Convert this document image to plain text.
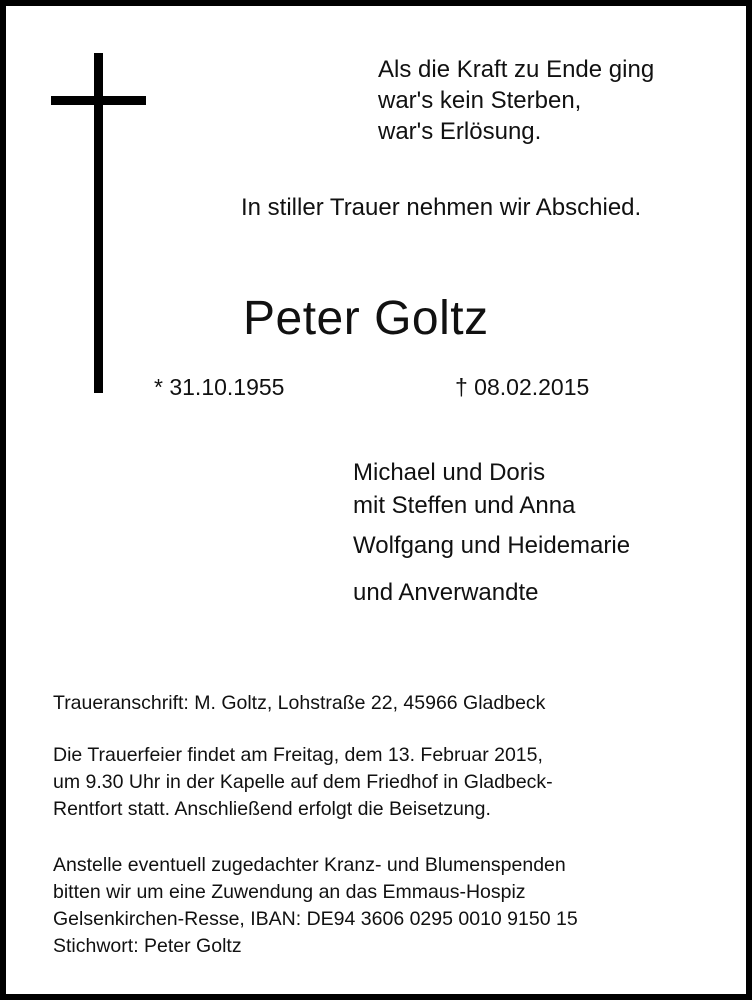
Als die Kraft zu Ende ging
war's kein Sterben,
war's Erlösung.
In stiller Trauer nehmen wir Abschied.
Peter Goltz
* 31.10.1955	† 08.02.2015

Michael und Doris

mit Steffen und Anna

Wolfgang und Heidemarie

und Anverwandte

Traueranschrift: M. Goltz, Lohstraße 22, 45966 Gladbeck

Die Trauerfeier findet am Freitag, dem 13. Februar 2015,

um 9.30 Uhr in der Kapelle auf dem Friedhof in Gladbeck-

Rentfort statt. Anschließend erfolgt die Beisetzung.

Anstelle eventuell zugedachter Kranz- und Blumenspenden

bitten wir um eine Zuwendung an das Emmaus-Hospiz

Gelsenkirchen-Resse, IBAN: DE94 3606 0295 0010 9150 15

Stichwort: Peter Goltz
